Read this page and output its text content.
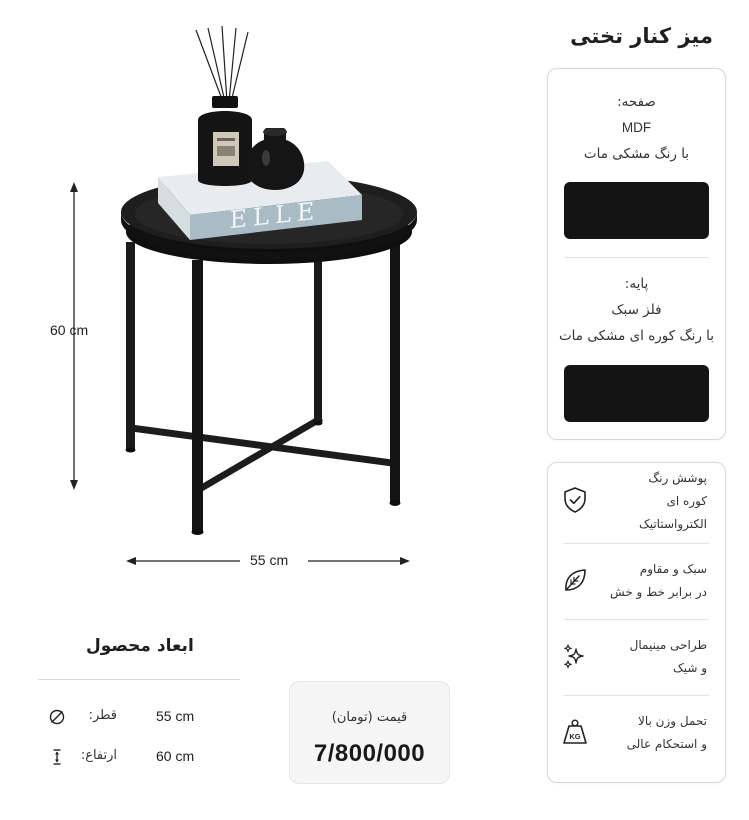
میز کنار تختی
صفحه:
MDF
با رنگ مشکی مات
پایه:
فلز سبک
با رنگ کوره ای مشکی مات
پوشش رنگ
کوره ای الکترواستاتیک
سبک و مقاوم
در برابر خط و خش
طراحی مینیمال
و شیک
تحمل وزن بالا
و استحکام عالی
KG
ELLE
60 cm
55 cm
ابعاد محصول
قطر:	55 cm
ارتفاع:	60 cm
قیمت (تومان)
7/800/000
